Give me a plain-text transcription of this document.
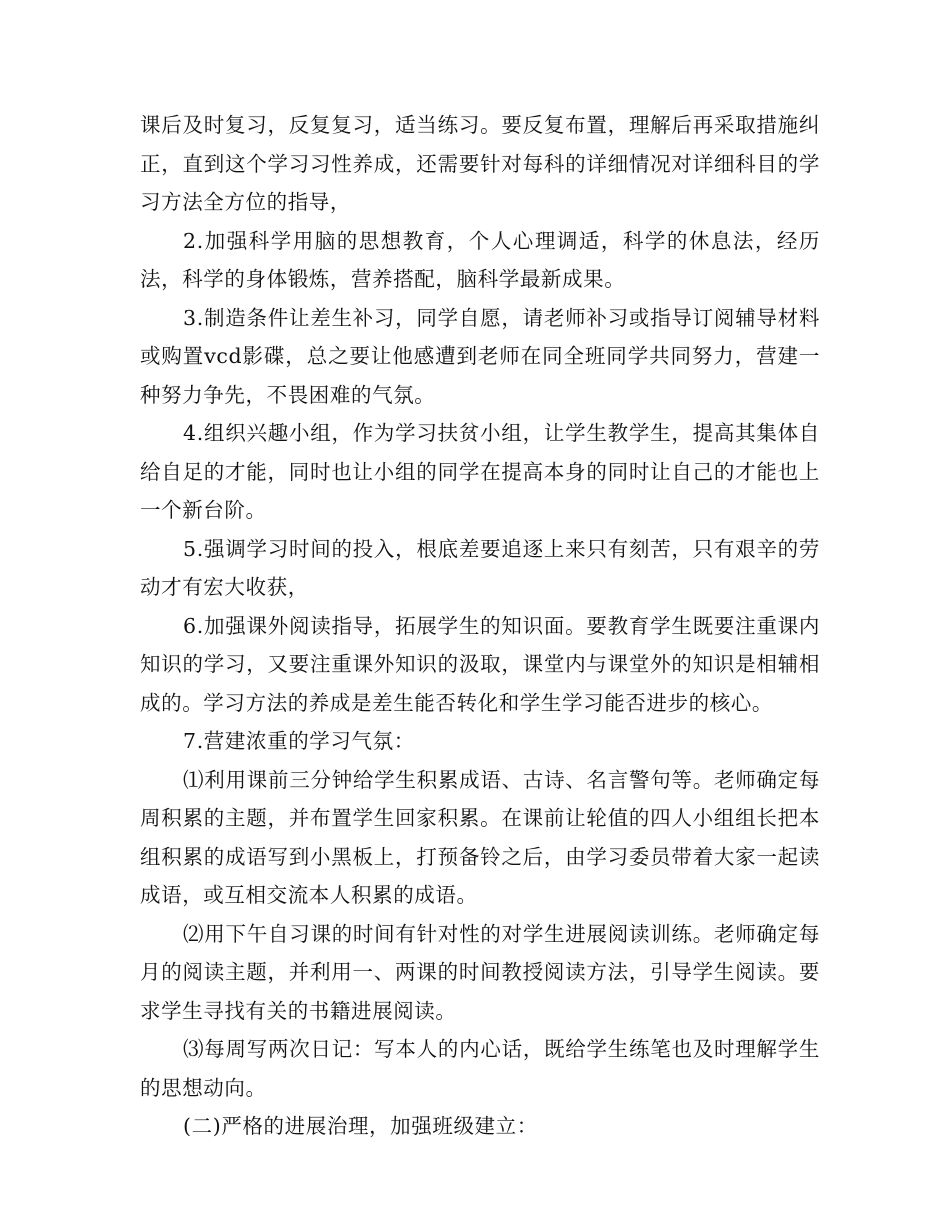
课后及时复习，反复复习，适当练习。要反复布置，理解后再采取措施纠正，直到这个学习习性养成，还需要针对每科的详细情况对详细科目的学习方法全方位的指导，

2.加强科学用脑的思想教育，个人心理调适，科学的休息法，经历法，科学的身体锻炼，营养搭配，脑科学最新成果。

3.制造条件让差生补习，同学自愿，请老师补习或指导订阅辅导材料或购置vcd影碟，总之要让他感遭到老师在同全班同学共同努力，营建一种努力争先，不畏困难的气氛。

4.组织兴趣小组，作为学习扶贫小组，让学生教学生，提高其集体自给自足的才能，同时也让小组的同学在提高本身的同时让自己的才能也上一个新台阶。

5.强调学习时间的投入，根底差要追逐上来只有刻苦，只有艰辛的劳动才有宏大收获，

6.加强课外阅读指导，拓展学生的知识面。要教育学生既要注重课内知识的学习，又要注重课外知识的汲取，课堂内与课堂外的知识是相辅相成的。学习方法的养成是差生能否转化和学生学习能否进步的核心。

7.营建浓重的学习气氛：

⑴利用课前三分钟给学生积累成语、古诗、名言警句等。老师确定每周积累的主题，并布置学生回家积累。在课前让轮值的四人小组组长把本组积累的成语写到小黑板上，打预备铃之后，由学习委员带着大家一起读成语，或互相交流本人积累的成语。

⑵用下午自习课的时间有针对性的对学生进展阅读训练。老师确定每月的阅读主题，并利用一、两课的时间教授阅读方法，引导学生阅读。要求学生寻找有关的书籍进展阅读。

⑶每周写两次日记：写本人的内心话，既给学生练笔也及时理解学生的思想动向。

(二)严格的进展治理，加强班级建立：
